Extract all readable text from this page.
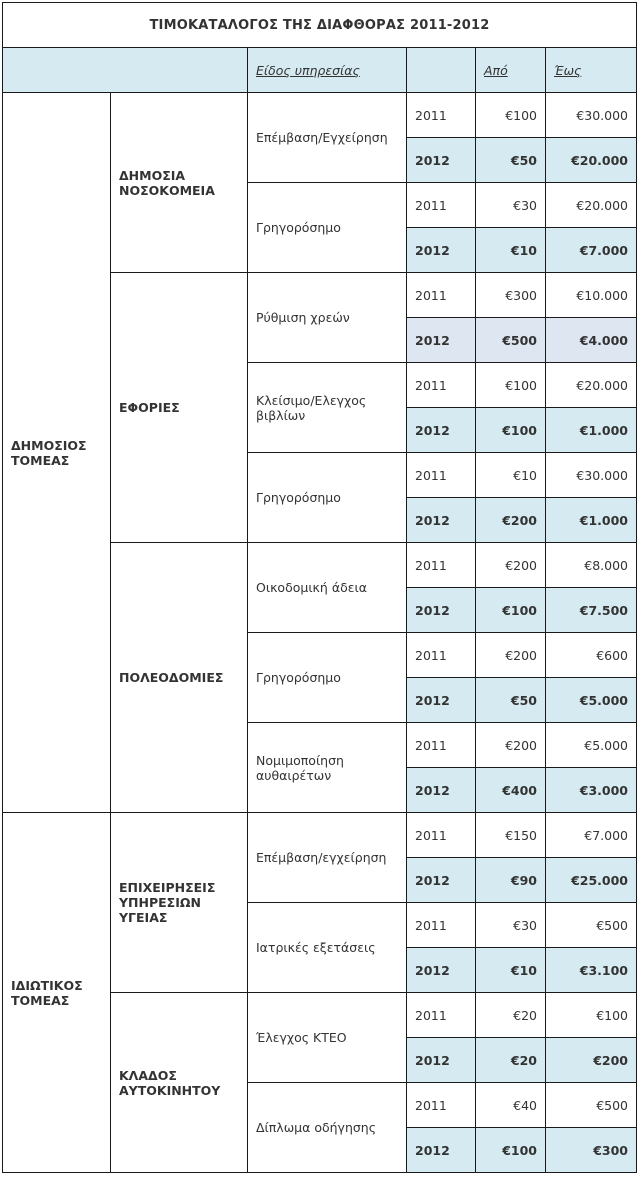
ΤΙΜΟΚΑΤΑΛΟΓΟΣ ΤΗΣ ΔΙΑΦΘΟΡΑΣ 2011-2012					
		Είδος υπηρεσίας		Από	Έως
ΔΗΜΟΣΙΟΣ ΤΟΜΕΑΣ	ΔΗΜΟΣΙΑ ΝΟΣΟΚΟΜΕΙΑ	Επέμβαση/Εγχείρηση	2011	€100	€30.000
			2012	€50	€20.000
		Γρηγορόσημο	2011	€30	€20.000
			2012	€10	€7.000
	ΕΦΟΡΙΕΣ	Ρύθμιση χρεών	2011	€300	€10.000
			2012	€500	€4.000
		Κλείσιμο/Ελεγχος βιβλίων	2011	€100	€20.000
			2012	€100	€1.000
		Γρηγορόσημο	2011	€10	€30.000
			2012	€200	€1.000
	ΠΟΛΕΟΔΟΜΙΕΣ	Οικοδομική άδεια	2011	€200	€8.000
			2012	€100	€7.500
		Γρηγορόσημο	2011	€200	€600
			2012	€50	€5.000
		Νομιμοποίηση αυθαιρέτων	2011	€200	€5.000
			2012	€400	€3.000
ΙΔΙΩΤΙΚΟΣ ΤΟΜΕΑΣ	ΕΠΙΧΕΙΡΗΣΕΙΣ ΥΠΗΡΕΣΙΩΝ ΥΓΕΙΑΣ	Επέμβαση/εγχείρηση	2011	€150	€7.000
			2012	€90	€25.000
		Ιατρικές εξετάσεις	2011	€30	€500
			2012	€10	€3.100
	ΚΛΑΔΟΣ ΑΥΤΟΚΙΝΗΤΟΥ	Έλεγχος ΚΤΕΟ	2011	€20	€100
			2012	€20	€200
		Δίπλωμα οδήγησης	2011	€40	€500
			2012	€100	€300
